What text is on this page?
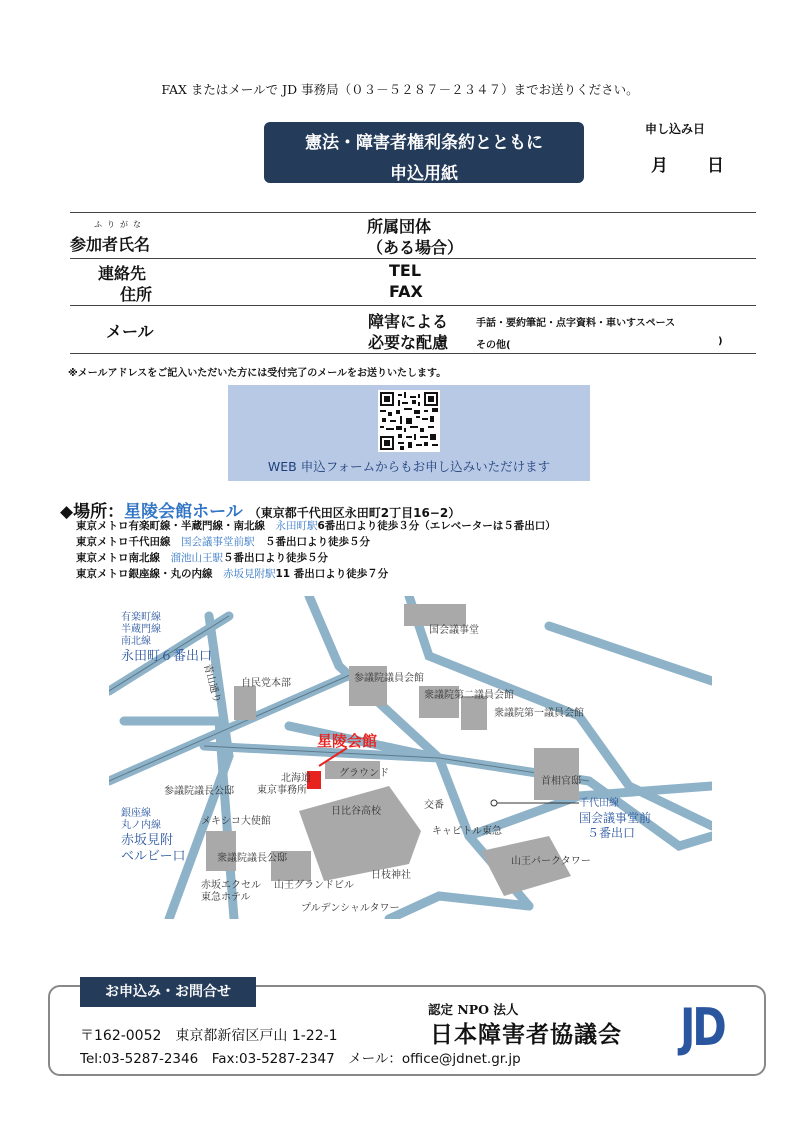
FAX またはメールで JD 事務局（０３－５２８７－２３４７）までお送りください。
憲法・障害者権利条約とともに
申込用紙
申し込み日
月 日
ふりがな
参加者氏名
所属団体
（ある場合）
連絡先
住所
TEL
FAX
メール
障害による
必要な配慮
手話・要約筆記・点字資料・車いすスペース
その他(	)
※メールアドレスをご記入いただいた方には受付完了のメールをお送りいたします。
WEB 申込フォームからもお申し込みいただけます
◆場所：星陵会館ホール （東京都千代田区永田町2丁目16−2）
東京メトロ有楽町線・半蔵門線・南北線　 永田町駅6番出口より徒歩３分（エレベーターは５番出口）
東京メトロ千代田線　 国会議事堂前駅　 ５番出口より徒歩５分
東京メトロ南北線　 溜池山王駅５番出口より徒歩５分
東京メトロ銀座線・丸の内線　 赤坂見附駅11 番出口より徒歩７分
星陵会館
国会議事堂
自民党本部	参議院議員会館
衆議院第二議員会館
衆議院第一議員会館
首相官邸
グラウンド
北海道
東京事務所
日比谷高校
交番
キャピトル東急
山王パークタワー
日枝神社
参議院議長公邸
メキシコ大使館
衆議院議長公邸
赤坂エクセル
東急ホテル
山王グランドビル
プルデンシャルタワー
青山通り
有楽町線
半蔵門線
南北線
永田町６番出口
銀座線
丸ノ内線
赤坂見附
ベルビー口
千代田線
国会議事堂前
５番出口
お申込み・お問合せ
認定 NPO 法人
日本障害者協議会
〒162-0052　東京都新宿区戸山 1-22-1
Tel:03-5287-2346　Fax:03-5287-2347　メール：office@jdnet.gr.jp
JD
